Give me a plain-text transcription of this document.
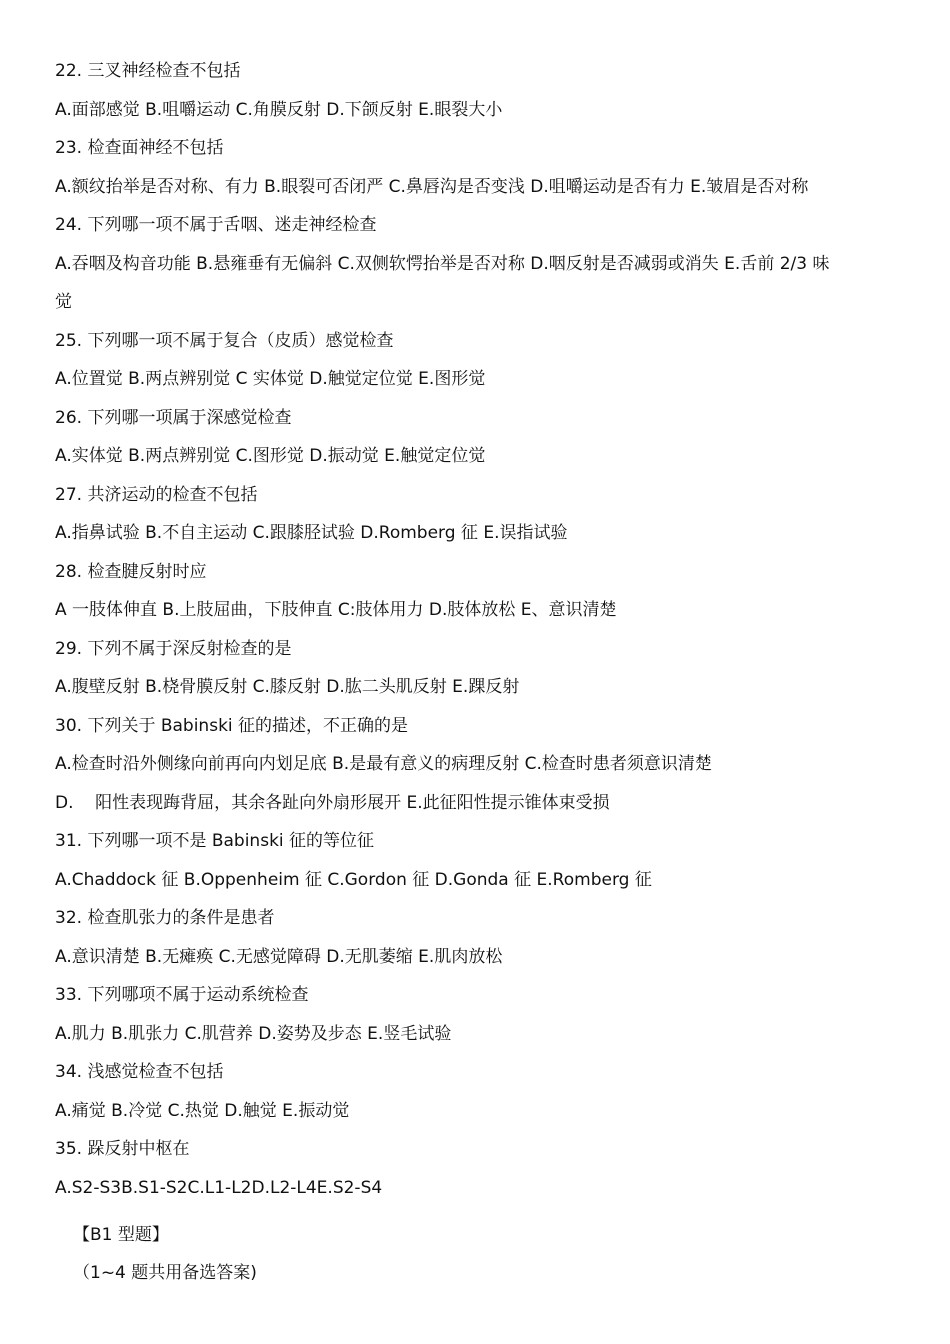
22. 三叉神经检查不包括
A.面部感觉 B.咀嚼运动 C.角膜反射 D.下颌反射 E.眼裂大小
23. 检查面神经不包括
A.额纹抬举是否对称、有力 B.眼裂可否闭严 C.鼻唇沟是否变浅 D.咀嚼运动是否有力 E.皱眉是否对称
24. 下列哪一项不属于舌咽、迷走神经检查
A.吞咽及构音功能 B.悬雍垂有无偏斜 C.双侧软愕抬举是否对称 D.咽反射是否减弱或消失 E.舌前 2/3 味
觉
25. 下列哪一项不属于复合（皮质）感觉检查
A.位置觉 B.两点辨别觉 C 实体觉 D.触觉定位觉 E.图形觉
26. 下列哪一项属于深感觉检查
A.实体觉 B.两点辨别觉 C.图形觉 D.振动觉 E.触觉定位觉
27. 共济运动的检查不包括
A.指鼻试验 B.不自主运动 C.跟膝胫试验 D.Romberg 征 E.误指试验
28. 检查腱反射时应
A 一肢体伸直 B.上肢屈曲，下肢伸直 C:肢体用力 D.肢体放松 E、意识清楚
29. 下列不属于深反射检查的是
A.腹壁反射 B.桡骨膜反射 C.膝反射 D.肱二头肌反射 E.踝反射
30. 下列关于 Babinski 征的描述，不正确的是
A.检查时沿外侧缘向前再向内划足底 B.是最有意义的病理反射 C.检查时患者须意识清楚
D.    阳性表现踇背屈，其余各趾向外扇形展开 E.此征阳性提示锥体束受损
31. 下列哪一项不是 Babinski 征的等位征
A.Chaddock 征 B.Oppenheim 征 C.Gordon 征 D.Gonda 征 E.Romberg 征
32. 检查肌张力的条件是患者
A.意识清楚 B.无瘫痪 C.无感觉障碍 D.无肌萎缩 E.肌肉放松
33. 下列哪项不属于运动系统检查
A.肌力 B.肌张力 C.肌营养 D.姿势及步态 E.竖毛试验
34. 浅感觉检查不包括
A.痛觉 B.冷觉 C.热觉 D.触觉 E.振动觉
35. 跺反射中枢在
A.S2-S3B.S1-S2C.L1-L2D.L2-L4E.S2-S4
【B1 型题】
（1~4 题共用备选答案)
